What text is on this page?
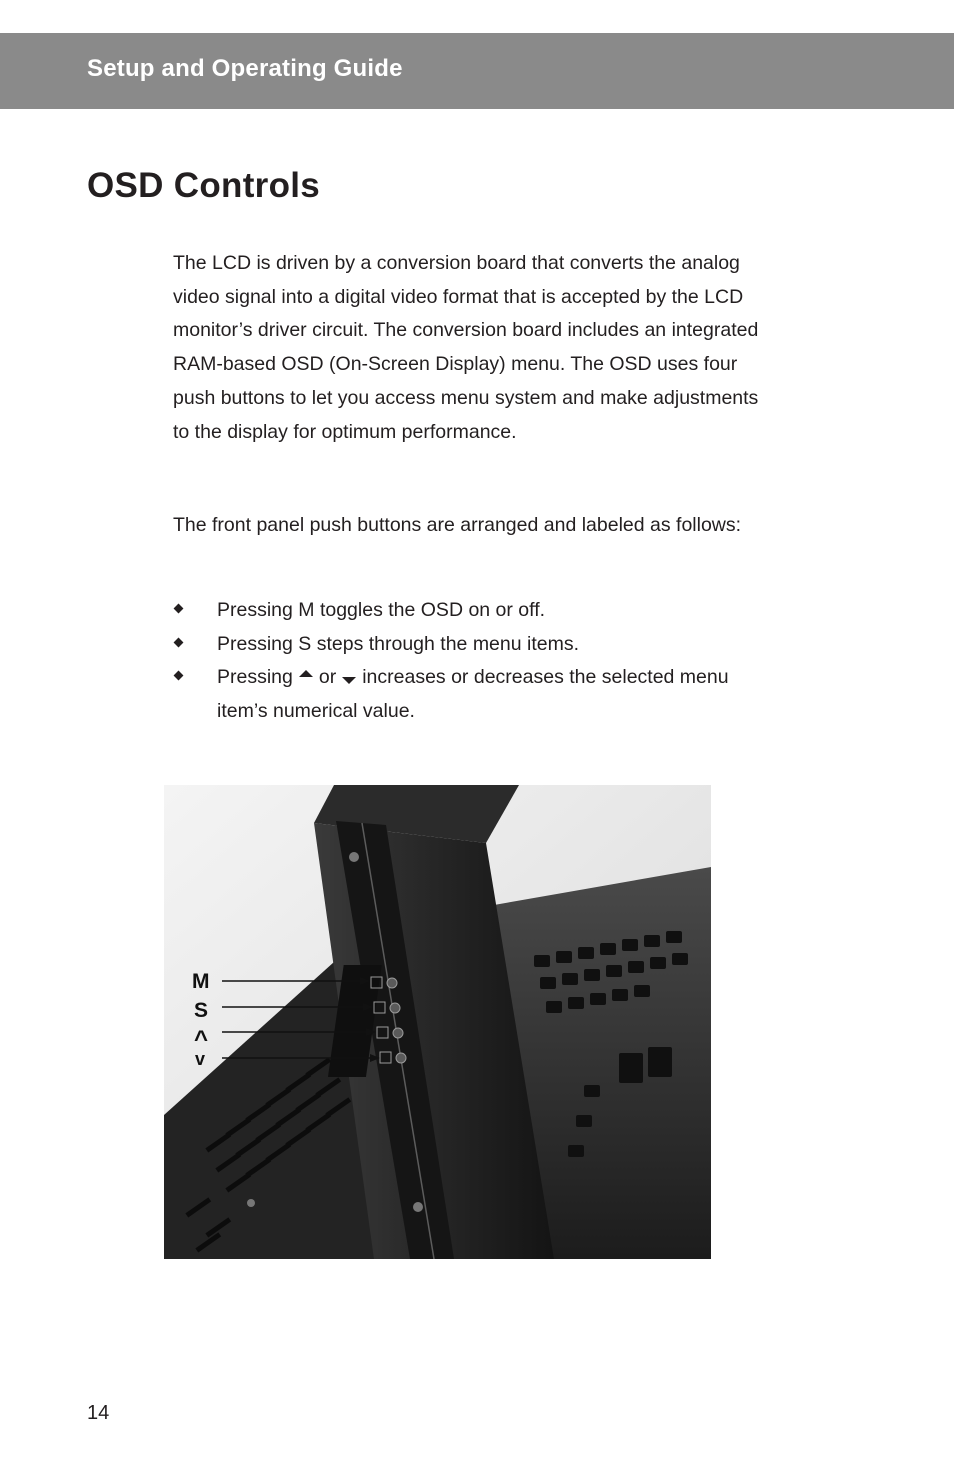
Setup and Operating Guide
OSD Controls

The LCD is driven by a conversion board that converts the analog video signal into a digital video format that is accepted by the LCD monitor’s driver circuit. The conversion board includes an integrated RAM-based OSD (On-Screen Display) menu. The OSD uses four push buttons to let you access menu system and make adjustments to the display for optimum performance.

The front panel push buttons are arranged and labeled as follows:

Pressing M toggles the OSD on or off.
Pressing S steps through the menu items.
Pressing or increases or decreases the selected menu item’s numerical value.
M
S
^
v

14
